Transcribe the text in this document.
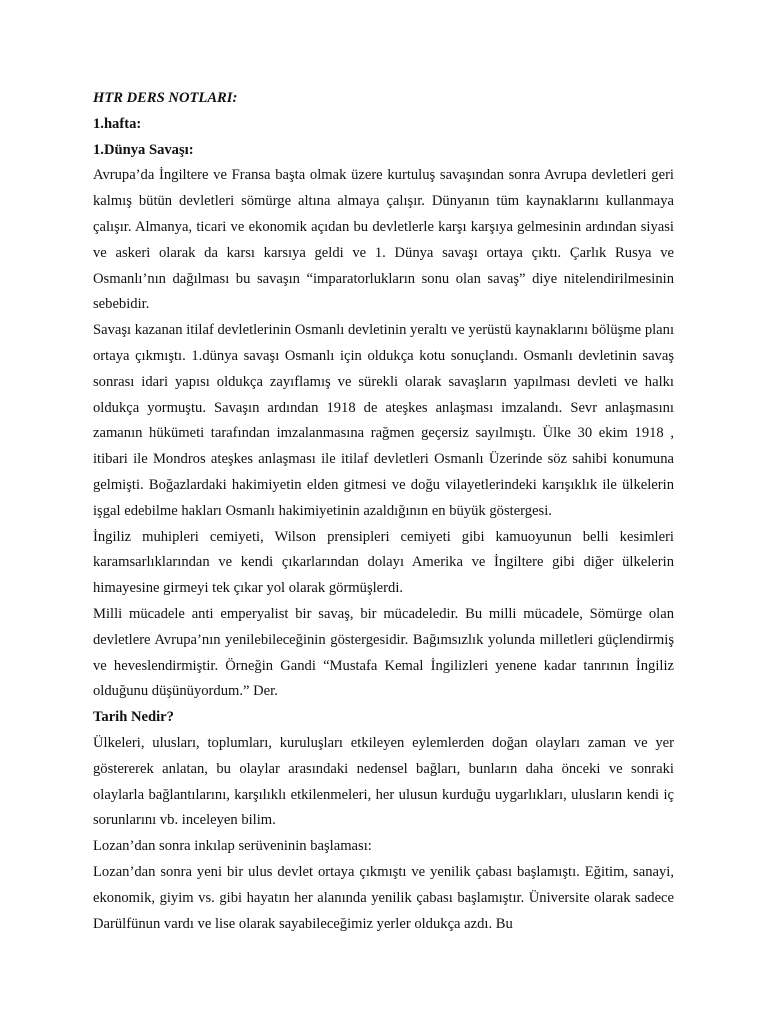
HTR DERS NOTLARI:

1.hafta:

1.Dünya Savaşı:

Avrupa’da İngiltere ve Fransa başta olmak üzere kurtuluş savaşından sonra Avrupa devletleri geri kalmış bütün devletleri sömürge altına almaya çalışır. Dünyanın tüm kaynaklarını kullanmaya çalışır. Almanya, ticari ve ekonomik açıdan bu devletlerle karşı karşıya gelmesinin ardından siyasi ve askeri olarak da karsı karsıya geldi ve 1. Dünya savaşı ortaya çıktı. Çarlık Rusya ve Osmanlı’nın dağılması bu savaşın “imparatorlukların sonu olan savaş” diye nitelendirilmesinin sebebidir.

Savaşı kazanan itilaf devletlerinin Osmanlı devletinin yeraltı ve yerüstü kaynaklarını bölüşme planı ortaya çıkmıştı. 1.dünya savaşı Osmanlı için oldukça kotu sonuçlandı. Osmanlı devletinin savaş sonrası idari yapısı oldukça zayıflamış ve sürekli olarak savaşların yapılması devleti ve halkı oldukça yormuştu. Savaşın ardından 1918 de ateşkes anlaşması imzalandı. Sevr anlaşmasını zamanın hükümeti tarafından imzalanmasına rağmen geçersiz sayılmıştı. Ülke 30 ekim 1918 , itibari ile Mondros ateşkes anlaşması ile itilaf devletleri Osmanlı Üzerinde söz sahibi konumuna gelmişti. Boğazlardaki hakimiyetin elden gitmesi ve doğu vilayetlerindeki karışıklık ile ülkelerin işgal edebilme hakları Osmanlı hakimiyetinin azaldığının en büyük göstergesi.

İngiliz muhipleri cemiyeti, Wilson prensipleri cemiyeti gibi kamuoyunun belli kesimleri karamsarlıklarından ve kendi çıkarlarından dolayı Amerika ve İngiltere gibi diğer ülkelerin himayesine girmeyi tek çıkar yol olarak görmüşlerdi.

Milli mücadele anti emperyalist bir savaş, bir mücadeledir. Bu milli mücadele, Sömürge olan devletlere Avrupa’nın yenilebileceğinin göstergesidir. Bağımsızlık yolunda milletleri güçlendirmiş ve heveslendirmiştir. Örneğin Gandi “Mustafa Kemal İngilizleri yenene kadar tanrının İngiliz olduğunu düşünüyordum.” Der.

Tarih Nedir?

Ülkeleri, ulusları, toplumları, kuruluşları etkileyen eylemlerden doğan olayları zaman ve yer göstererek anlatan, bu olaylar arasındaki nedensel bağları, bunların daha önceki ve sonraki olaylarla bağlantılarını, karşılıklı etkilenmeleri, her ulusun kurduğu uygarlıkları, ulusların kendi iç sorunlarını vb. inceleyen bilim.

Lozan’dan sonra inkılap serüveninin başlaması:

Lozan’dan sonra yeni bir ulus devlet ortaya çıkmıştı ve yenilik çabası başlamıştı. Eğitim, sanayi, ekonomik, giyim vs. gibi hayatın her alanında yenilik çabası başlamıştır. Üniversite olarak sadece Darülfünun vardı ve lise olarak sayabileceğimiz yerler oldukça azdı. Bu
